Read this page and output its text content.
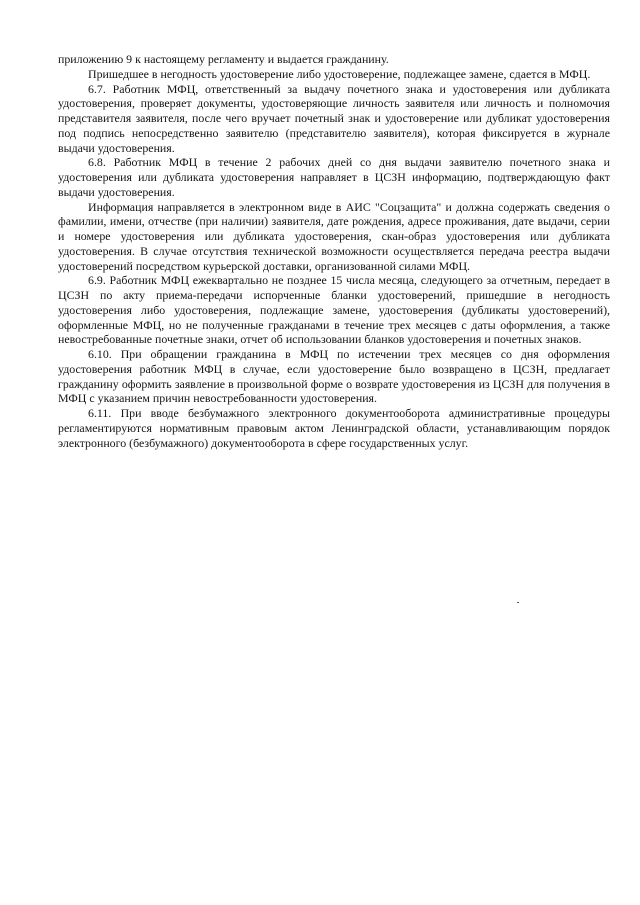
приложению 9 к настоящему регламенту и выдается гражданину.

Пришедшее в негодность удостоверение либо удостоверение, подлежащее замене, сдается в МФЦ.

6.7. Работник МФЦ, ответственный за выдачу почетного знака и удостоверения или дубликата удостоверения, проверяет документы, удостоверяющие личность заявителя или личность и полномочия представителя заявителя, после чего вручает почетный знак и удостоверение или дубликат удостоверения под подпись непосредственно заявителю (представителю заявителя), которая фиксируется в журнале выдачи удостоверения.

6.8. Работник МФЦ в течение 2 рабочих дней со дня выдачи заявителю почетного знака и удостоверения или дубликата удостоверения направляет в ЦСЗН информацию, подтверждающую факт выдачи удостоверения.

Информация направляется в электронном виде в АИС "Соцзащита" и должна содержать сведения о фамилии, имени, отчестве (при наличии) заявителя, дате рождения, адресе проживания, дате выдачи, серии и номере удостоверения или дубликата удостоверения, скан-образ удостоверения или дубликата удостоверения. В случае отсутствия технической возможности осуществляется передача реестра выдачи удостоверений посредством курьерской доставки, организованной силами МФЦ.

6.9. Работник МФЦ ежеквартально не позднее 15 числа месяца, следующего за отчетным, передает в ЦСЗН по акту приема-передачи испорченные бланки удостоверений, пришедшие в негодность удостоверения либо удостоверения, подлежащие замене, удостоверения (дубликаты удостоверений), оформленные МФЦ, но не полученные гражданами в течение трех месяцев с даты оформления, а также невостребованные почетные знаки, отчет об использовании бланков удостоверения и почетных знаков.

6.10. При обращении гражданина в МФЦ по истечении трех месяцев со дня оформления удостоверения работник МФЦ в случае, если удостоверение было возвращено в ЦСЗН, предлагает гражданину оформить заявление в произвольной форме о возврате удостоверения из ЦСЗН для получения в МФЦ с указанием причин невостребованности удостоверения.

6.11. При вводе безбумажного электронного документооборота административные процедуры регламентируются нормативным правовым актом Ленинградской области, устанавливающим порядок электронного (безбумажного) документооборота в сфере государственных услуг.
